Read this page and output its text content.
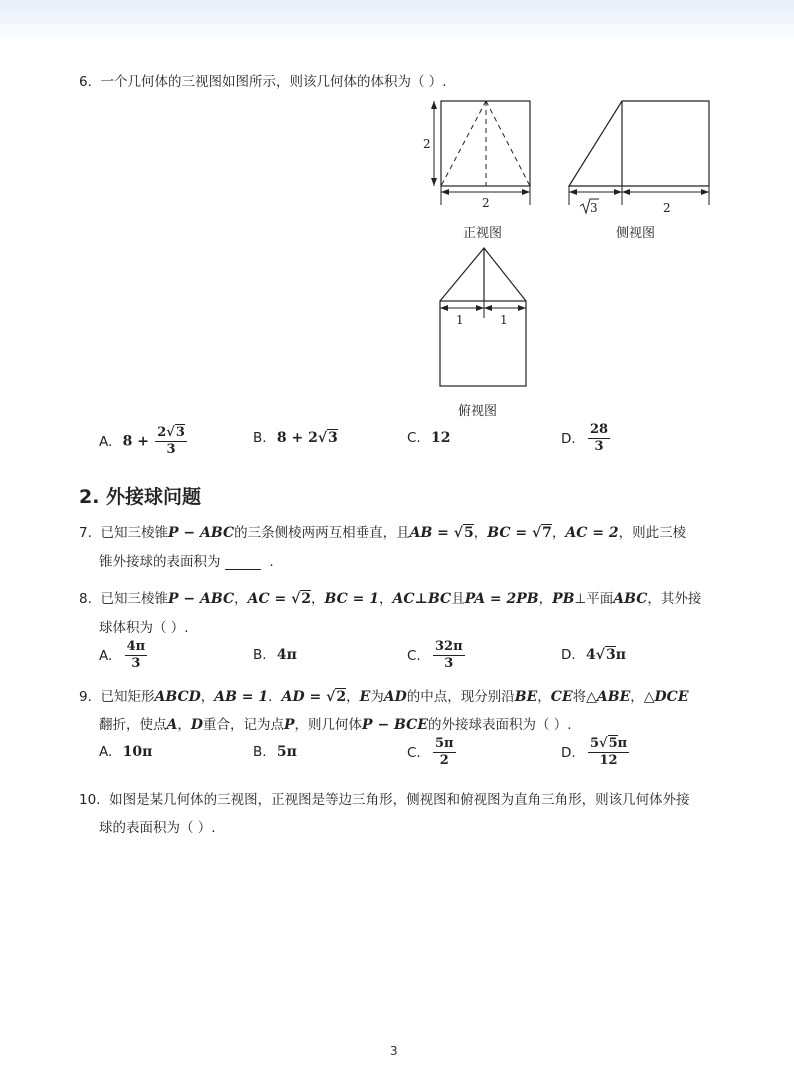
6. 一个几何体的三视图如图所示，则该几何体的体积为（ ）.
2
2	3	2
1	1
正视图	侧视图
俯视图
A. $8 + \frac{2√3}{3}$	B. 8 + 2√3	C. 12	D. $\frac{28}{3}$
2. 外接球问题
7. 已知三棱锥P − ABC的三条侧棱两两互相垂直，且AB = √5，BC = √7，AC = 2，则此三棱
锥外接球的表面积为	.
8. 已知三棱锥P − ABC，AC = √2，BC = 1，AC⊥BC且PA = 2PB，PB⊥平面ABC，其外接
球体积为（ ）.
A. $\frac{4\pi}{3}$	B. 4π	C. $\frac{32\pi}{3}$	D. 4√3π
9. 已知矩形ABCD，AB = 1．AD = √2，E为AD的中点，现分别沿BE，CE将△ABE，△DCE
翻折，使点A，D重合，记为点P，则几何体P − BCE的外接球表面积为（ ）.
A. 10π	B. 5π	C. $\frac{5\pi}{2}$	D. $\frac{5√5\pi}{12}$
10. 如图是某几何体的三视图，正视图是等边三角形，侧视图和俯视图为直角三角形，则该几何体外接
球的表面积为（ ）.
3
